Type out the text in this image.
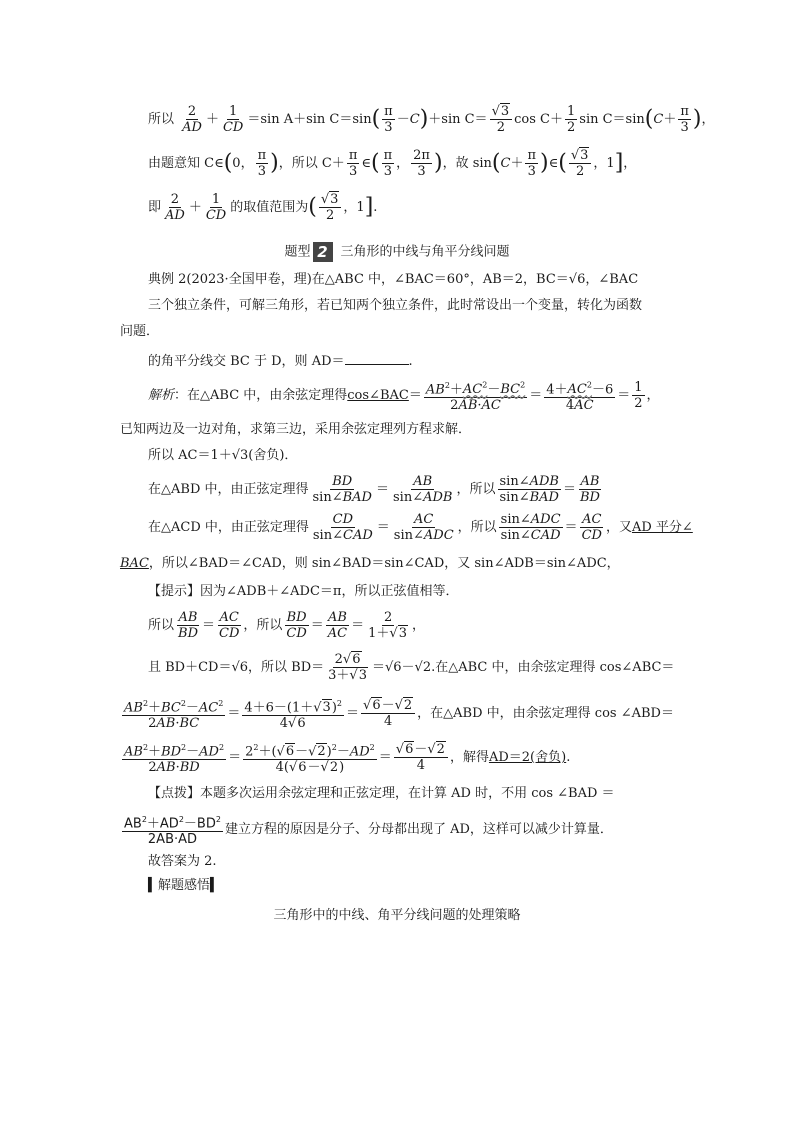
所以 $\frac{2}{AD} + \frac{1}{CD} =\sin$ A＋sin $C=\sin( \frac{\pi}{3} -C)+\sin$ $C= \frac{√3}{2}$ $\cos C+ \frac{1}{2}$ $\sin C=\sin(C+ \frac{\pi}{3}$ )，
由题意知 C∈(0， $\frac{\pi}{3}$ )，所以 $C+ \frac{\pi}{3}$ ∈( $\frac{\pi}{3}$ ， $\frac{2\pi}{3}$ )，故 $\sin(C+ \frac{\pi}{3}$ )∈( $\frac{√3}{2}$ ，1]，
即 $\frac{2}{AD} + \frac{1}{CD}$ 的取值范围为( $\frac{√3}{2}$ ，1].
题型 2 三角形的中线与角平分线问题
典例 2(2023·全国甲卷，理)在△ABC 中，∠BAC＝60°，AB＝2，BC＝√6，∠BAC
三个独立条件，可解三角形，若已知两个独立条件，此时常设出一个变量，转化为函数
问题．
的角平分线交 BC 于 D，则 AD＝	.
解析：在△ABC 中，由余弦定理得cos∠BAC＝ $\frac{AB^2+AC^2-BC^2}{2AB\cdot AC} = \frac{4+AC^2-6}{4AC} = \frac{1}{2}$ ，
已知两边及一边对角，求第三边，采用余弦定理列方程求解．
所以 AC＝1＋√3(舍负)．
在△ABD 中，由正弦定理得 $\frac{BD}{\text{sin∠BAD}} = \frac{AB}{\text{sin∠ADB}}$ ，所以 $\frac{\text{sin∠ADB}}{\text{sin∠BAD}} = \frac{AB}{BD}$
在△ACD 中，由正弦定理得 $\frac{CD}{\text{sin∠CAD}} = \frac{AC}{\text{sin∠ADC}}$ ，所以 $\frac{\text{sin∠ADC}}{\text{sin∠CAD}} = \frac{AC}{CD}$ ，又AD 平分∠
BAC，所以∠BAD＝∠CAD，则 sin∠BAD＝sin∠CAD，又 sin∠ADB＝sin∠ADC，
【提示】因为∠ADB＋∠ADC＝π，所以正弦值相等．
所以 $\frac{AB}{BD} = \frac{AC}{CD}$ ，所以 $\frac{BD}{CD} = \frac{AB}{AC} = \frac{2}{1+√3}$ ，
且 BD＋CD＝√6，所以 $BD= \frac{2√6}{3+√3} =√6-√2$.在△ABC 中，由余弦定理得 cos∠ABC＝
$\frac{AB^2+BC^2-AC^2}{2AB\cdot BC} = \frac{4+6-(1+√3)^2}{4√6} = \frac{√6-√2}{4}$ ，在△ABD 中，由余弦定理得 cos ∠ABD＝
$\frac{AB^2+BD^2-AD^2}{2AB\cdot BD} = \frac{2^2+(√6-√2)^2-AD^2}{4(√6-√2)} = \frac{√6-√2}{4}$ ，解得AD＝2(舍负).
【点拨】本题多次运用余弦定理和正弦定理，在计算 AD 时，不用 cos ∠BAD ＝
$\frac{AB^2+AD^2-BD^2}{2AB\cdot AD}$ 建立方程的原因是分子、分母都出现了 AD，这样可以减少计算量．
故答案为 2.
▍解题感悟▍
三角形中的中线、角平分线问题的处理策略
